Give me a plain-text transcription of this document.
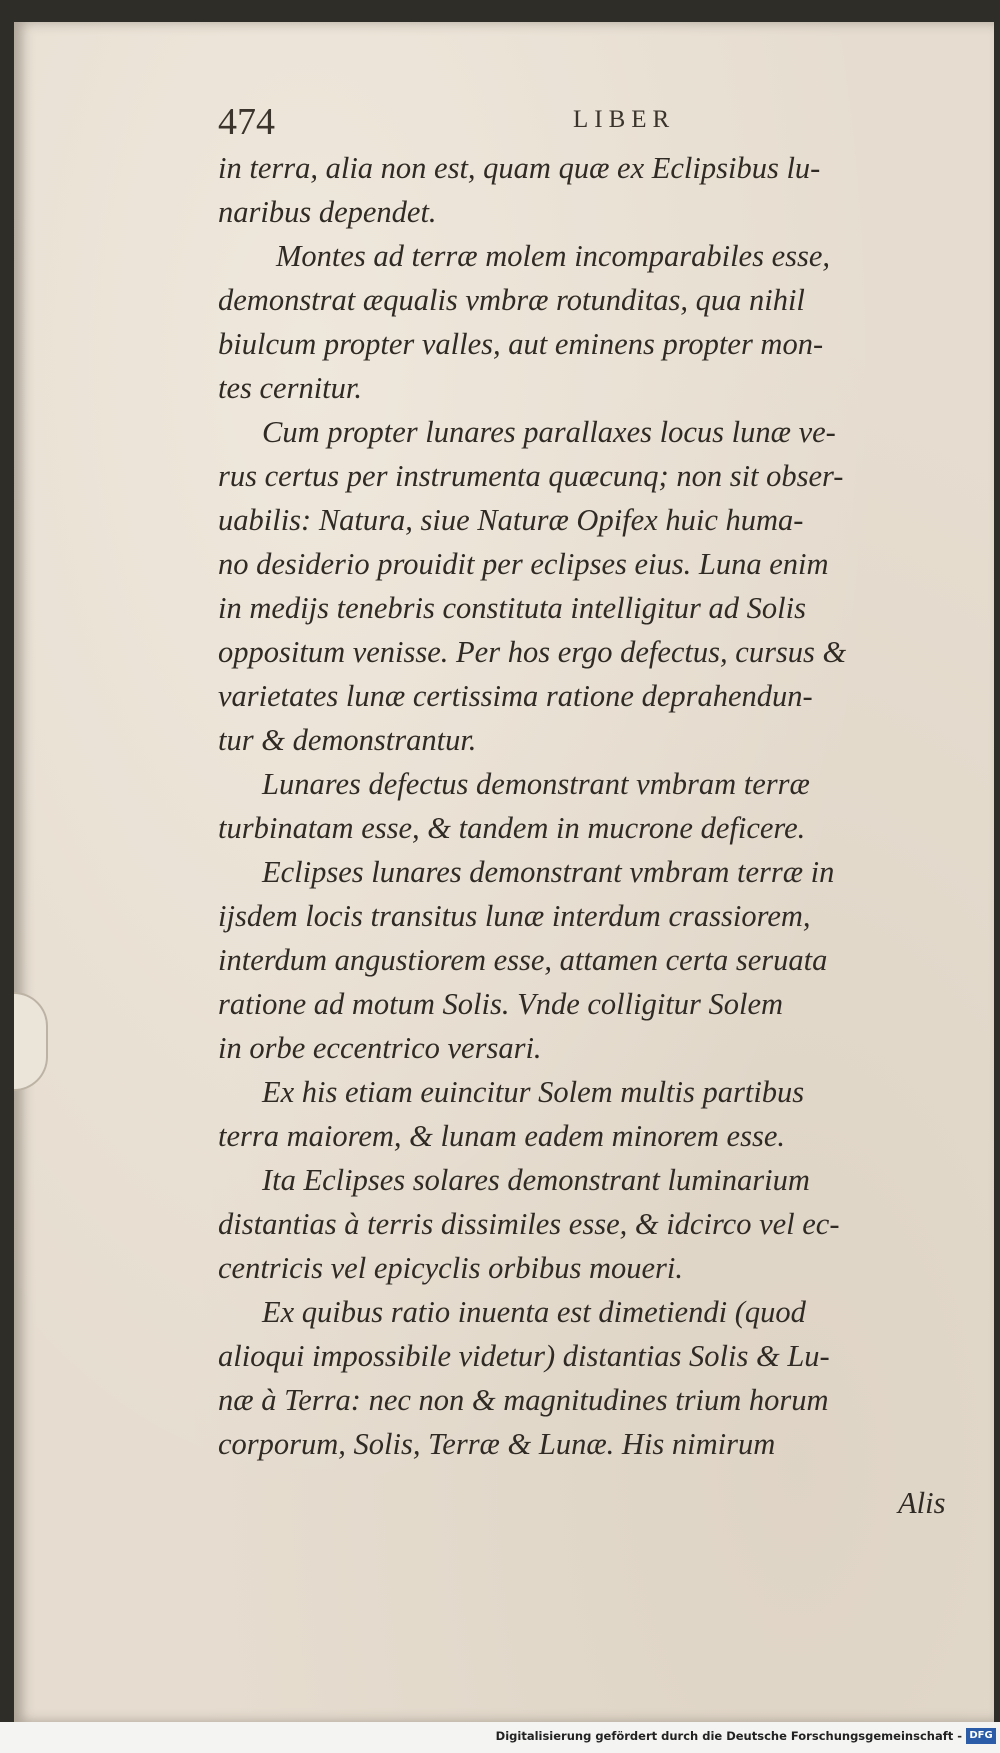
474	LIBER
in terra, alia non est, quam quæ ex Eclipsibus lu-
naribus dependet.
Montes ad terræ molem incomparabiles esse,
demonstrat æqualis vmbræ rotunditas, qua nihil
biulcum propter valles, aut eminens propter mon-
tes cernitur.
Cum propter lunares parallaxes locus lunæ ve-
rus certus per instrumenta quæcunq; non sit obser-
uabilis: Natura, siue Naturæ Opifex huic huma-
no desiderio prouidit per eclipses eius. Luna enim
in medijs tenebris constituta intelligitur ad Solis
oppositum venisse. Per hos ergo defectus, cursus &
varietates lunæ certissima ratione deprahendun-
tur & demonstrantur.
Lunares defectus demonstrant vmbram terræ
turbinatam esse, & tandem in mucrone deficere.
Eclipses lunares demonstrant vmbram terræ in
ijsdem locis transitus lunæ interdum crassiorem,
interdum angustiorem esse, attamen certa seruata
ratione ad motum Solis. Vnde colligitur Solem
in orbe eccentrico versari.
Ex his etiam euincitur Solem multis partibus
terra maiorem, & lunam eadem minorem esse.
Ita Eclipses solares demonstrant luminarium
distantias à terris dissimiles esse, & idcirco vel ec-
centricis vel epicyclis orbibus moueri.
Ex quibus ratio inuenta est dimetiendi (quod
alioqui impossibile videtur) distantias Solis & Lu-
næ à Terra: nec non & magnitudines trium horum
corporum, Solis, Terræ & Lunæ. His nimirum
Alis
Digitalisierung gefördert durch die Deutsche Forschungsgemeinschaft - DFG
